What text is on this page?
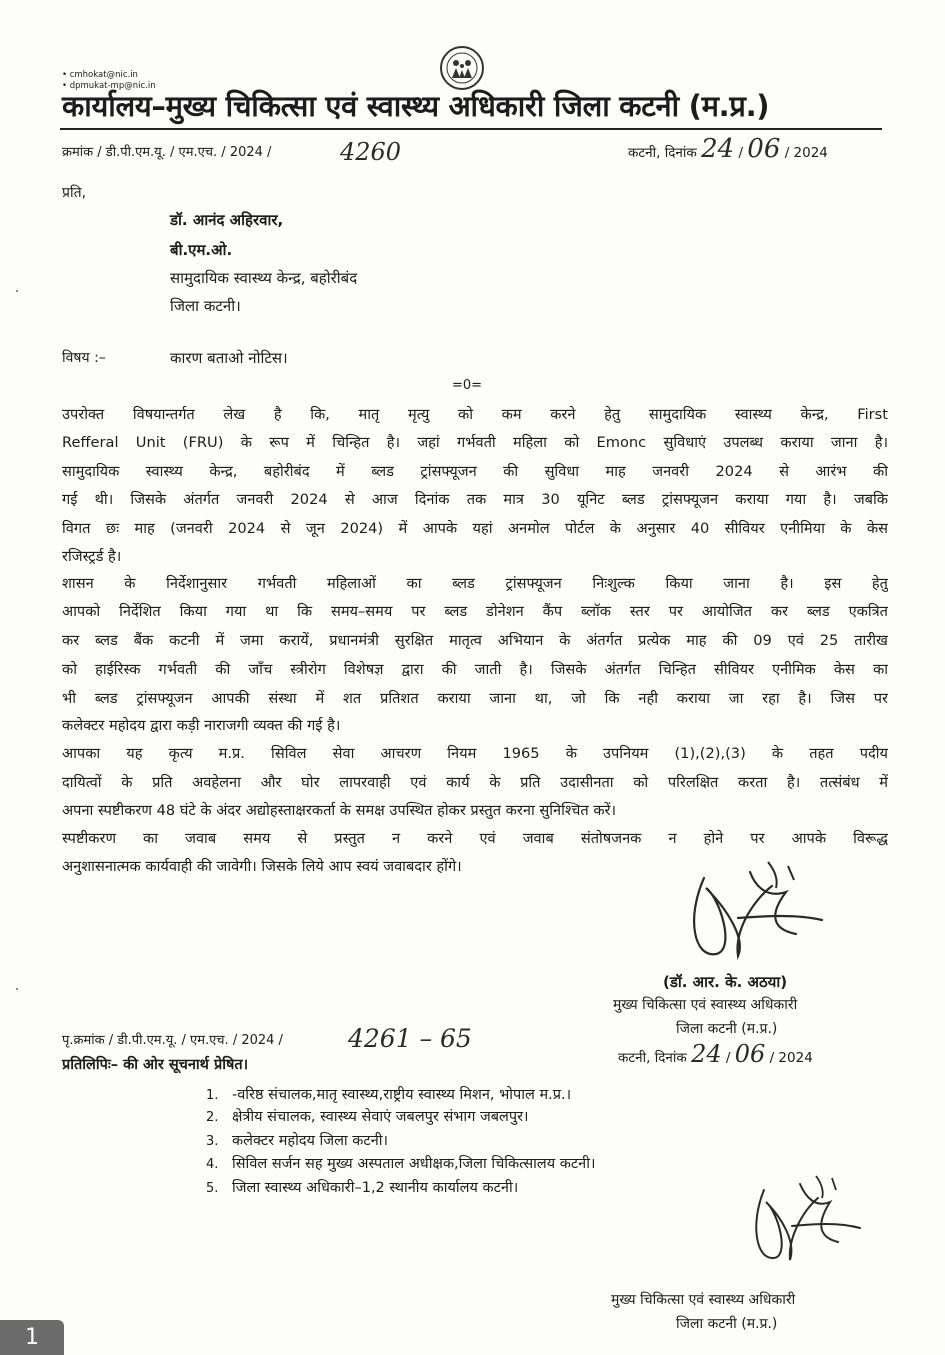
• cmhokat@nic.in
• dpmukat-mp@nic.in
कार्यालय–मुख्य चिकित्सा एवं स्वास्थ्य अधिकारी जिला कटनी (म.प्र.)
क्रमांक / डी.पी.एम.यू. / एम.एच. / 2024 /	4260	कटनी, दिनांक 24 / 06 / 2024
प्रति,
डॉ. आनंद अहिरवार,
बी.एम.ओ.
सामुदायिक स्वास्थ्य केन्द्र, बहोरीबंद
जिला कटनी।
विषय :–	कारण बताओ नोटिस।
=0=
उपरोक्त विषयान्तर्गत लेख है कि, मातृ मृत्यु को कम करने हेतु सामुदायिक स्वास्थ्य केन्द्र, First
Refferal Unit (FRU) के रूप में चिन्हित है। जहां गर्भवती महिला को Emonc सुविधाएं उपलब्ध कराया जाना है।
सामुदायिक स्वास्थ्य केन्द्र, बहोरीबंद में ब्लड ट्रांसफ्यूजन की सुविधा माह जनवरी 2024 से आरंभ की
गई थी। जिसके अंतर्गत जनवरी 2024 से आज दिनांक तक मात्र 30 यूनिट ब्लड ट्रांसफ्यूजन कराया गया है। जबकि
विगत छः माह (जनवरी 2024 से जून 2024) में आपके यहां अनमोल पोर्टल के अनुसार 40 सीवियर एनीमिया के केस
रजिस्ट्रर्ड है।
शासन के निर्देशानुसार गर्भवती महिलाओं का ब्लड ट्रांसफ्यूजन निःशुल्क किया जाना है। इस हेतु
आपको निर्देशित किया गया था कि समय–समय पर ब्लड डोनेशन कैंप ब्लॉक स्तर पर आयोजित कर ब्लड एकत्रित
कर ब्लड बैंक कटनी में जमा करायें, प्रधानमंत्री सुरक्षित मातृत्व अभियान के अंतर्गत प्रत्येक माह की 09 एवं 25 तारीख
को हाईरिस्क गर्भवती की जाँच स्त्रीरोग विशेषज्ञ द्वारा की जाती है। जिसके अंतर्गत चिन्हित सीवियर एनीमिक केस का
भी ब्लड ट्रांसफ्यूजन आपकी संस्था में शत प्रतिशत कराया जाना था, जो कि नही कराया जा रहा है। जिस पर
कलेक्टर महोदय द्वारा कड़ी नाराजगी व्यक्त की गई है।
आपका यह कृत्य म.प्र. सिविल सेवा आचरण नियम 1965 के उपनियम (1),(2),(3) के तहत पदीय
दायित्वों के प्रति अवहेलना और घोर लापरवाही एवं कार्य के प्रति उदासीनता को परिलक्षित करता है। तत्संबंध में
अपना स्पष्टीकरण 48 घंटे के अंदर अद्योहस्ताक्षरकर्ता के समक्ष उपस्थित होकर प्रस्तुत करना सुनिश्चित करें।
स्पष्टीकरण का जवाब समय से प्रस्तुत न करने एवं जवाब संतोषजनक न होने पर आपके विरूद्ध
अनुशासनात्मक कार्यवाही की जावेगी। जिसके लिये आप स्वयं जवाबदार होंगे।
(डॉ. आर. के. अठया)
मुख्य चिकित्सा एवं स्वास्थ्य अधिकारी
जिला कटनी (म.प्र.)
पृ.क्रमांक / डी.पी.एम.यू. / एम.एच. / 2024 /	4261 – 65
कटनी, दिनांक 24 / 06 / 2024
प्रतिलिपिः– की ओर सूचनार्थ प्रेषित।
1. -वरिष्ठ संचालक,मातृ स्वास्थ्य,राष्ट्रीय स्वास्थ्य मिशन, भोपाल म.प्र.।
2. क्षेत्रीय संचालक, स्वास्थ्य सेवाएं जबलपुर संभाग जबलपुर।
3. कलेक्टर महोदय जिला कटनी।
4. सिविल सर्जन सह मुख्य अस्पताल अधीक्षक,जिला चिकित्सालय कटनी।
5. जिला स्वास्थ्य अधिकारी–1,2 स्थानीय कार्यालय कटनी।
मुख्य चिकित्सा एवं स्वास्थ्य अधिकारी
जिला कटनी (म.प्र.)
1
